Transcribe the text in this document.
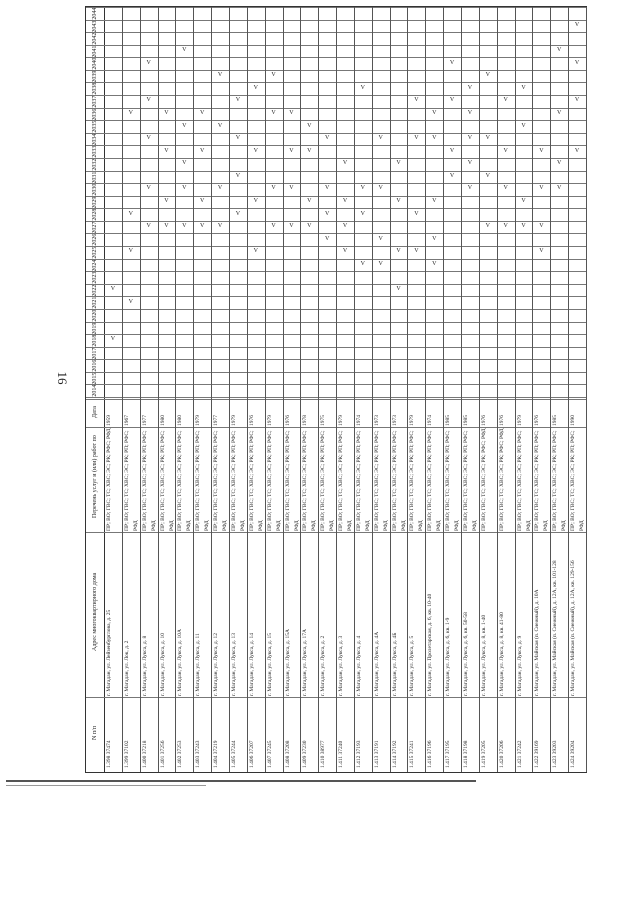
16
N п/п
Адрес многоквартирного дома
Перечень услуг и (или) работ по
Дата
2014
2015
2016
2017
2018
2019
2020
2021
2022
2023
2024
2025
2026
2027
2028
2029
2030
2031
2032
2033
2034
2035
2036
2037
2038
2039
2040
2041
2042
2043
2044
1.398 37474
г. Магадан, ул. Лейзенбурглова, д. 25
ПР; ВО; ГВС; ТС; ХВС; ЭС; РК; РФС; РФД
1959
V
V
1.399 37102
г. Магадан, ул. Лок, д. 2
ПР; ВО; ГВС; ТС; ХВС; ЭС; РК; РП; РФС; РФД
1967
V
V
V
V
1.400 37218
г. Магадан, ул. Лукса, д. 8
ПР; ВО; ГВС; ТС; ХВС; ЭС; РК; РП; РФС; РФД
1977
V
V
V
V
V
1.401 37256
г. Магадан, ул. Лукса, д. 10
ПР; ВО; ГВС; ТС; ХВС; ЭС; РК; РП; РФС; РФД
1980
V
V
V
V
1.402 37253
г. Магадан, ул. Лукса, д. 10А
ПР; ВО; ГВС; ТС; ХВС; ЭС; РК; РП; РФС; РФД
1980
V
V
V
V
V
1.403 37243
г. Магадан, ул. Лукса, д. 11
ПР; ВО; ГВС; ТС; ХВС; ЭС; РК; РП; РФС; РФД
1979
V
V
V
V
1.404 37219
г. Магадан, ул. Лукса, д. 12
ПР; ВО; ГВС; ТС; ХВС; ЭС; РК; РП; РФС; РФД
1977
V
V
V
V
1.405 37244
г. Магадан, ул. Лукса, д. 13
ПР; ВО; ГВС; ТС; ХВС; ЭС; РК; РП; РФС; РФД
1979
V
V
V
V
1.406 37207
г. Магадан, ул. Лукса, д. 14
ПР; ВО; ГВС; ТС; ХВС; ЭС; РК; РП; РФС; РФД
1976
V
V
V
V
1.407 37245
г. Магадан, ул. Лукса, д. 15
ПР; ВО; ГВС; ТС; ХВС; ЭС; РК; РП; РФС; РФД
1979
V
V
V
V
1.408 37208
г. Магадан, ул. Лукса, д. 15А
ПР; ВО; ГВС; ТС; ХВС; ЭС; РК; РП; РФС; РФД
1976
V
V
V
V
1.409 37230
г. Магадан, ул. Лукса, д. 17А
ПР; ВО; ГВС; ТС; ХВС; ЭС; РК; РП; РФС; РФД
1978
V
V
V
V
1.410 38977
г. Магадан, ул. Лукса, д. 2
ПР; ВО; ГВС; ТС; ХВС; ЭС; РК; РП; РФС; РФД
1975
V
V
V
V
1.411 37240
г. Магадан, ул. Лукса, д. 3
ПР; ВО; ГВС; ТС; ХВС; ЭС; РК; РП; РФС; РФД
1979
V
V
V
V
1.412 37193
г. Магадан, ул. Лукса, д. 4
ПР; ВО; ГВС; ТС; ХВС; ЭС; РК; РП; РФС; РФД
1974
V
V
V
V
1.413 37191
г. Магадан, ул. Лукса, д. 4А
ПР; ВО; ГВС; ТС; ХВС; ЭС; РК; РП; РФС; РФД
1973
V
V
V
V
1.414 37192
г. Магадан, ул. Лукса, д. 4Б
ПР; ВО; ГВС; ТС; ХВС; ЭС; РК; РП; РФС; РФД
1973
V
V
V
V
1.415 37241
г. Магадан, ул. Лукса, д. 5
ПР; ВО; ГВС; ТС; ХВС; ЭС; РК; РП; РФС; РФД
1979
V
V
V
V
1.416 37196
г. Магадан, ул. Пролетарская, д. 6, кв. 10-40
ПР; ВО; ГВС; ТС; ХВС; ЭС; РК; РП; РФС; РФД
1974
V
V
V
V
V
1.417 37195
г. Магадан, ул. Лукса, д. 6, кв. 1-9
ПР; ВО; ГВС; ТС; ХВС; ЭС; РК; РП; РФС; РФД
1985
V
V
V
V
1.418 37198
г. Магадан, ул. Лукса, д. 6, кв. 50-58
ПР; ВО; ГВС; ТС; ХВС; ЭС; РК; РП; РФС; РФД
1985
V
V
V
V
V
1.419 37205
г. Магадан, ул. Лукса, д. 8, кв. 1-40
ПР; ВО; ГВС; ТС; ХВС; ЭС; РК; РФС; РФД
1976
V
V
V
V
1.420 37206
г. Магадан, ул. Лукса, д. 8, кв. 41-80
ПР; ВО; ГВС; ТС; ХВС; ЭС; РК; РФС; РФД
1976
V
V
V
V
1.421 37242
г. Магадан, ул. Лукса, д. 9
ПР; ВО; ГВС; ТС; ХВС; ЭС; РК; РП; РФС; РФД
1979
V
V
V
V
1.422 39169
г. Магадан, ул. Майская (п. Снежный), д. 10А
ПР; ВО; ГВС; ТС; ХВС; ЭС; РК; РП; РФС; РФД
1976
V
V
V
V
1.423 39203
г. Магадан, ул. Майская (п. Снежный), д. 12А, кв. 101-128
ПР; ВО; ГВС; ТС; ХВС; ЭС; РК; РП; РФС; РФД
1985
V
V
V
V
1.424 39204
г. Магадан, ул. Майская (п. Снежный), д. 12А, кв. 129-156
ПР; ВО; ГВС; ТС; ХВС; ЭС; РК; РП; РФС; РФД
1990
V
V
V
V
